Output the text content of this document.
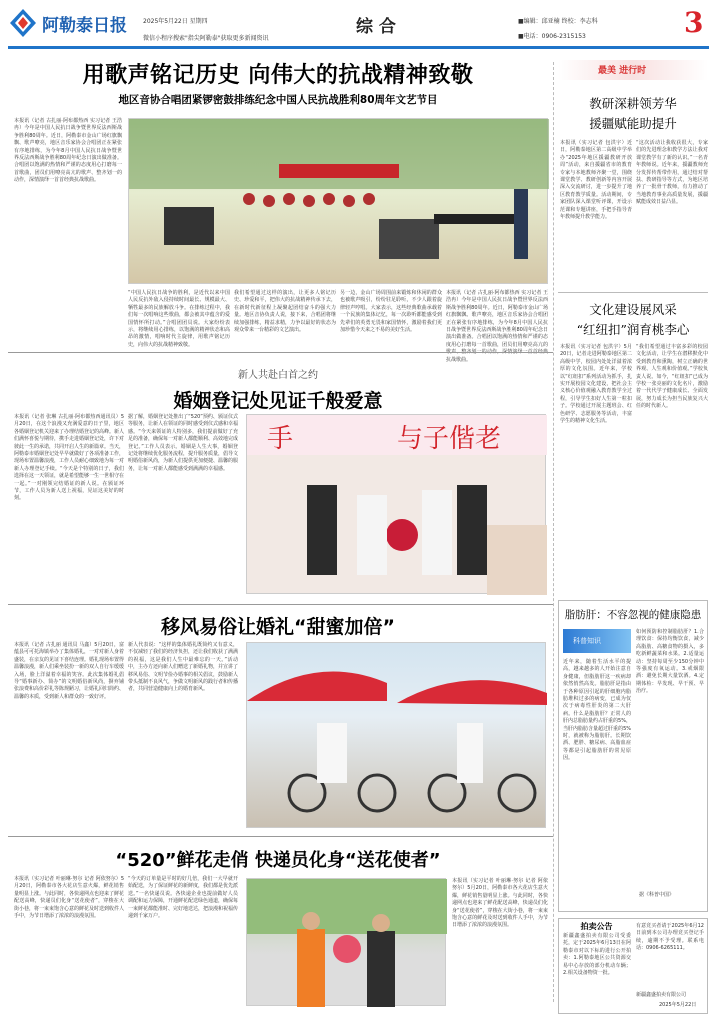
阿勒泰日报	2025年5月22日 星期四
微信小程序搜索"指尖阿勒泰"获取更多新闻资讯
综 合	■编辑：邱亚楠 终校：李志科
■电话：0906-2315153	3
用歌声铭记历史 向伟大的抗战精神致敬
地区音协合唱团紧锣密鼓排练纪念中国人民抗战胜利80周年文艺节目
本报讯（记者 古扎丽·阿布都热西 实习记者 王浩冉）今年是中国人民抗日战争暨世界反法西斯战争胜利80周年。近日，阿勒泰市金山广场红旗飘飘、歌声嘹亮，地区音乐家协会合唱团正在紧张有序地排练，为今年8月中国人民抗日战争暨世界反法西斯战争胜利80周年纪念日演出做准备。合唱团以饱满的热情和严谨的态度用心打磨每一首歌曲，团员们用嘹亮高亢的歌声、整齐划一的动作，深情演绎一首首经典抗战歌曲。
“中国人民抗日战争的胜利，是近代以来中国人民反抗外敌入侵持续时间最长、规模最大、牺牲最多的民族解放斗争。在排练过程中，我们每一次唱响这些歌曲，都会被其中蕴含的爱国情怀所打动。”合唱团团员说。大家纷纷表示，将继续用心排练，以饱满的精神状态和高昂的激情，唱响时代主旋律，用歌声铭记历史，向伟大的抗战精神致敬。
我们希望通过这样的演出，让更多人铭记历史、珍爱和平，把伟大的抗战精神传承下去，在新时代新征程上凝聚起团结奋斗的强大力量。地区音协负责人说，接下来，合唱团将继续加强排练，精益求精，力争以最好的状态为观众带来一台精彩的文艺演出。
另一边，金山广场周围前来锻炼和休闲的群众也被歌声吸引，纷纷驻足聆听，不少人跟着旋律轻声哼唱。大家表示，这些经典歌曲承载着一个民族的集体记忆，每一次聆听都能感受到先辈们的英勇无畏和家国情怀，激励着我们更加珍惜今天来之不易的美好生活。
本报讯（记者 古扎丽·阿布都热西 实习记者 王浩冉）今年是中国人民抗日战争暨世界反法西斯战争胜利80周年。近日，阿勒泰市金山广场红旗飘飘、歌声嘹亮，地区音乐家协会合唱团正在紧张有序地排练，为今年8月中国人民抗日战争暨世界反法西斯战争胜利80周年纪念日演出做准备。合唱团以饱满的热情和严谨的态度用心打磨每一首歌曲，团员们用嘹亮高亢的歌声、整齐划一的动作，深情演绎一首首经典抗战歌曲。
新人共赴白首之约
婚姻登记处见证千般爱意
本报讯（记者 张琳 古扎丽·阿布都热西通讯员）5月20日，在这个浪漫又充满爱意的日子里，地区各婚姻登记机关迎来了办理结婚登记的高峰。新人们满怀喜悦与期待，携手走进婚姻登记处，许下对彼此一生的承诺，共同开启人生的新篇章。当天，阿勒泰市婚姻登记处早早就做好了各项准备工作，现场布置温馨浪漫，工作人员耐心细致地为每一对新人办理登记手续。“今天是个特别的日子，我们选择在这一天领证，就是希望能够一生一世相守在一起。”一对刚领完结婚证的新人说。在颁证环节，工作人员为新人送上祝福，见证这美好的时刻。
据了解，婚姻登记处推出了“520”预约、颁证仪式等服务，让新人在领证的同时感受到仪式感和幸福感。“今天来领证的人特别多，我们提前做好了充足的准备，确保每一对新人都能顺利、高效地完成登记。”工作人员表示。婚姻是人生大事，婚姻登记处将继续优化服务流程，提升服务质量，倡导文明婚俗新风尚，为新人们提供更加便捷、温馨的服务，让每一对新人都能感受到满满的幸福感。
手	与子偕老
移风易俗让婚礼“甜蜜加倍”
本报讯（记者 古扎丽 通讯员 马鑫）5月20日，富蕴县可可托海镇举办了集体婚礼，一对对新人身着盛装，在亲友的见证下喜结连理。婚礼现场布置得温馨浪漫，新人们乘坐装扮一新的双人自行车缓缓入场，脸上洋溢着幸福的笑容。此次集体婚礼倡导“婚事新办、简办”的文明婚俗新风尚，摒弃铺张浪费和高价彩礼等陈规陋习，让婚礼回归简约、温馨的本质，受到新人和群众的一致好评。
新人代表说：“这样的集体婚礼既简约又有意义，不仅减轻了我们的经济负担，还让我们收获了满满的祝福，这是我们人生中最难忘的一天。”活动中，主办方还向新人们赠送了新婚礼物，并宣讲了移风易俗、文明节俭办婚事的相关倡议，鼓励新人带头抵制不良风气，争做文明新风的践行者和传播者，共同营造健康向上的婚育新风。
“520”鲜花走俏 快递员化身“送花使者”
本报讯（实习记者 叶丽琳·努尔 记者 阿依努尔）5月20日，阿勒泰市各大花店生意火爆，鲜花销售量明显上涨。与此同时，各快递网点也迎来了鲜花配送高峰，快递员们化身“送花使者”，穿梭在大街小巷，将一束束饱含心意的鲜花及时送到收件人手中，为节日增添了浓浓的浪漫氛围。
“今天的订单量是平时的好几倍，我们一大早就开始配送，为了保证鲜花的新鲜度，我们都是优先派送。”一名快递员说。各快递企业也提前做好人员调配和运力保障，开通鲜花配送绿色通道，确保每一束鲜花都能准时、完好地送达，把浪漫和祝福传递到千家万户。
本报讯（实习记者 叶丽琳·努尔 记者 阿依努尔）5月20日，阿勒泰市各大花店生意火爆，鲜花销售量明显上涨。与此同时，各快递网点也迎来了鲜花配送高峰，快递员们化身“送花使者”，穿梭在大街小巷，将一束束饱含心意的鲜花及时送到收件人手中，为节日增添了浓浓的浪漫氛围。
最美 进行时
教研深耕领芳华
援疆赋能助提升
本报讯（实习记者 包洪宇）近日，阿勒泰地区第二高级中学举办“2025年地区援疆教研开放周”活动，来自援疆省市的教育专家与本地教师齐聚一堂，围绕课堂教学、教研创新等内容开展深入交流研讨，进一步提升了地区教育教学质量。活动期间，专家团队深入课堂听评课，开设示范课和专题讲座，手把手指导青年教师提升教学能力。
“这次活动让我收获很大，专家们的先进理念和教学方法让我对课堂教学有了新的认识。”一名青年教师说。近年来，援疆教师充分发挥传帮带作用，通过结对帮扶、教研指导等方式，为地区培养了一批骨干教师，有力推动了当地教育事业高质量发展，援疆赋能成效日益凸显。
文化建设展风采
“红纽扣”润育桃李心
本报讯（实习记者 包洪宇）5月20日，记者走进阿勒泰地区第二高级中学，校园内处处洋溢着浓厚的文化氛围。近年来，学校以“红纽扣”系列活动为抓手，扎实开展校园文化建设，把社会主义核心价值观融入教育教学全过程，引导学生扣好人生第一粒扣子。学校通过开展主题班会、红色研学、志愿服务等活动，丰富学生的精神文化生活。
“我们希望通过丰富多彩的校园文化活动，让学生在潜移默化中受到教育和熏陶，树立正确的世界观、人生观和价值观。”学校负责人说。如今，“红纽扣”已成为学校一张亮丽的文化名片，激励着一代代学子健康成长、全面发展，努力成长为担当民族复兴大任的时代新人。
脂肪肝：不容忽视的健康隐患
科普知识
近年来，随着生活水平的提高，越来越多的人开始注意自身健康，但脂肪肝这一疾病却依然悄然高发。脂肪肝是指由于各种原因引起的肝细胞内脂肪堆积过多的病变，已成为仅次于病毒性肝炎的第二大肝病。什么是脂肪肝？正常人的肝内总脂肪量约占肝重的5%，当肝内脂肪含量超过肝重的5%时，就被称为脂肪肝。长期饮酒、肥胖、糖尿病、高脂血症等都是引起脂肪肝的常见原因。
如何预防和控制脂肪肝？1.合理饮食：保持均衡饮食，减少高脂肪、高糖食物的摄入，多吃新鲜蔬菜和水果。2.适量运动：坚持每周至少150分钟中等强度有氧运动。3.戒烟限酒：避免长期大量饮酒。4.定期体检：早发现、早干预、早治疗。
据《科普中国》
拍卖公告
新疆鑫盛拍卖有限公司受委托，定于2025年6月13日在阿勒泰市对以下标的进行公开拍卖：1.阿勒泰地区公共资源交易中心存放的部分机动车辆；2.相关设备物资一批。
有意竞买者请于2025年6月12日前到本公司办理竞买登记手续，逾期不予受理。联系电话：0906-6265111。
新疆鑫盛拍卖有限公司
2025年5月22日
